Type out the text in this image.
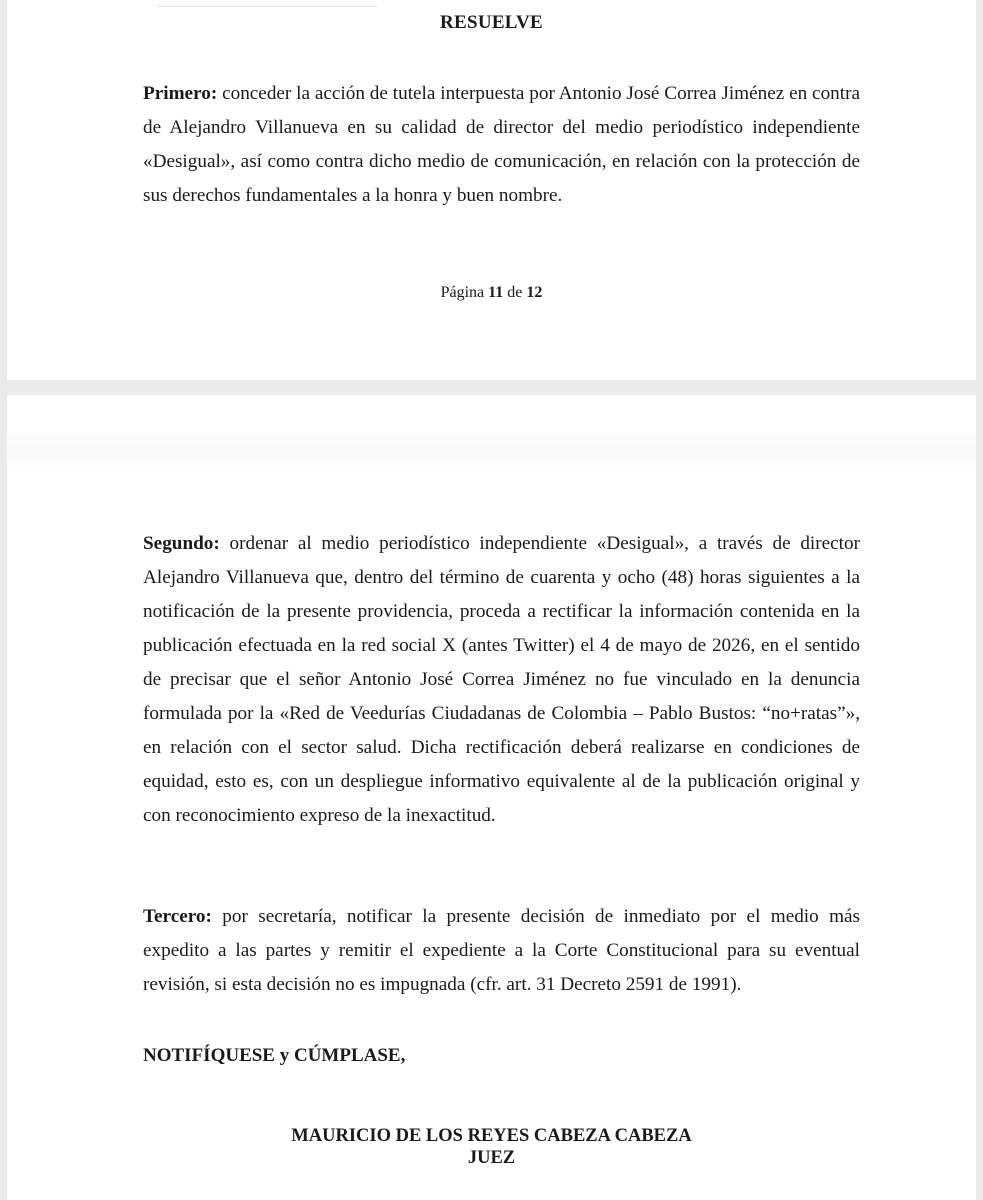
RESUELVE

Primero: conceder la acción de tutela interpuesta por Antonio José Correa Jiménez en contra de Alejandro Villanueva en su calidad de director del medio periodístico independiente «Desigual», así como contra dicho medio de comunicación, en relación con la protección de sus derechos fundamentales a la honra y buen nombre.

Página 11 de 12

Segundo: ordenar al medio periodístico independiente «Desigual», a través de director Alejandro Villanueva que, dentro del término de cuarenta y ocho (48) horas siguientes a la notificación de la presente providencia, proceda a rectificar la información contenida en la publicación efectuada en la red social X (antes Twitter) el 4 de mayo de 2026, en el sentido de precisar que el señor Antonio José Correa Jiménez no fue vinculado en la denuncia formulada por la «Red de Veedurías Ciudadanas de Colombia – Pablo Bustos: “no+ratas”», en relación con el sector salud. Dicha rectificación deberá realizarse en condiciones de equidad, esto es, con un despliegue informativo equivalente al de la publicación original y con reconocimiento expreso de la inexactitud.

Tercero: por secretaría, notificar la presente decisión de inmediato por el medio más expedito a las partes y remitir el expediente a la Corte Constitucional para su eventual revisión, si esta decisión no es impugnada (cfr. art. 31 Decreto 2591 de 1991).

NOTIFÍQUESE y CÚMPLASE,
MAURICIO DE LOS REYES CABEZA CABEZA
JUEZ
